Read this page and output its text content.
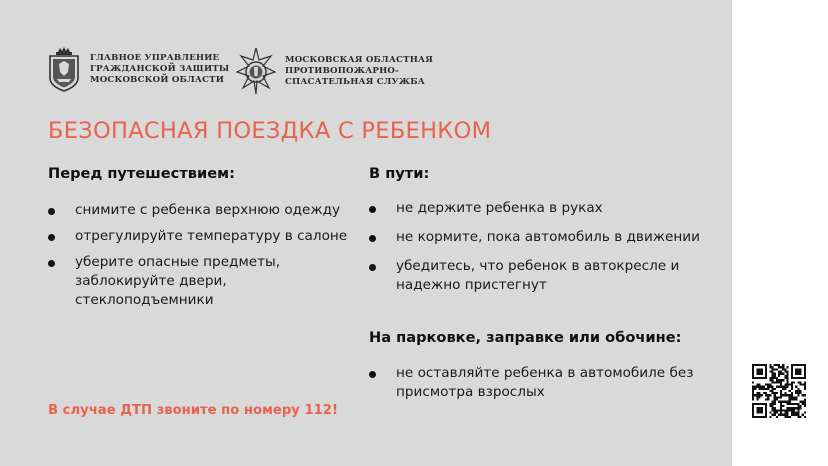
ГЛАВНОЕ УПРАВЛЕНИЕ
ГРАЖДАНСКОЙ ЗАЩИТЫ
МОСКОВСКОЙ ОБЛАСТИ
МОСКОВСКАЯ ОБЛАСТНАЯ
ПРОТИВОПОЖАРНО-
СПАСАТЕЛЬНАЯ СЛУЖБА
БЕЗОПАСНАЯ ПОЕЗДКА С РЕБЕНКОМ
Перед путешествием:
снимите с ребенка верхнюю одежду
отрегулируйте температуру в салоне
уберите опасные предметы, заблокируйте двери, стеклоподъемники
В пути:
не держите ребенка в руках
не кормите, пока автомобиль в движении
убедитесь, что ребенок в автокресле и надежно пристегнут
На парковке, заправке или обочине:
не оставляйте ребенка в автомобиле без присмотра взрослых
В случае ДТП звоните по номеру 112!
